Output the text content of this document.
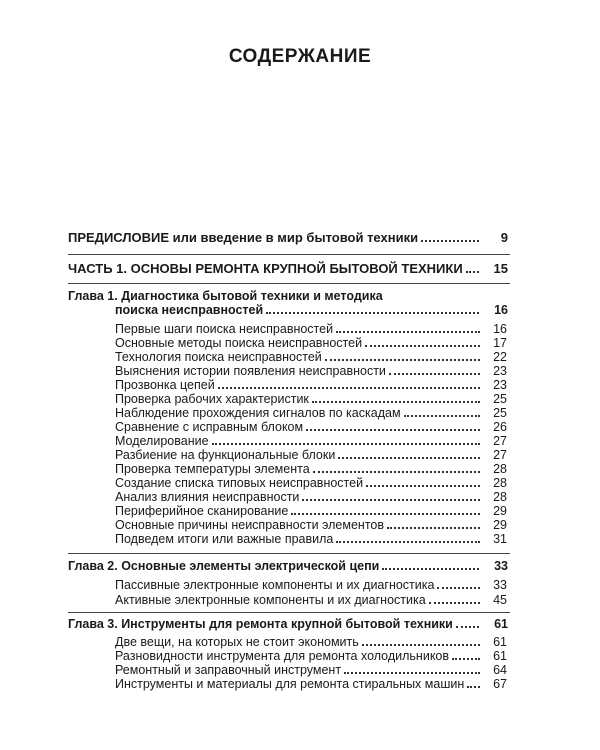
СОДЕРЖАНИЕ
ПРЕДИСЛОВИЕ или введение в мир бытовой техники	9
ЧАСТЬ 1. ОСНОВЫ РЕМОНТА КРУПНОЙ БЫТОВОЙ ТЕХНИКИ	15
Глава 1. Диагностика бытовой техники и методика
поиска неисправностей	16
Первые шаги поиска неисправностей	16
Основные методы поиска неисправностей	17
Технология поиска неисправностей	22
Выяснения истории появления неисправности	23
Прозвонка цепей	23
Проверка рабочих характеристик	25
Наблюдение прохождения сигналов по каскадам	25
Сравнение с исправным блоком	26
Моделирование	27
Разбиение на функциональные блоки	27
Проверка температуры элемента	28
Создание списка типовых неисправностей	28
Анализ влияния неисправности	28
Периферийное сканирование	29
Основные причины неисправности элементов	29
Подведем итоги или важные правила	31
Глава 2. Основные элементы электрической цепи	33
Пассивные электронные компоненты и их диагностика	33
Активные электронные компоненты и их диагностика	45
Глава 3. Инструменты для ремонта крупной бытовой техники	61
Две вещи, на которых не стоит экономить	61
Разновидности инструмента для ремонта холодильников	61
Ремонтный и заправочный инструмент	64
Инструменты и материалы для ремонта стиральных машин	67
